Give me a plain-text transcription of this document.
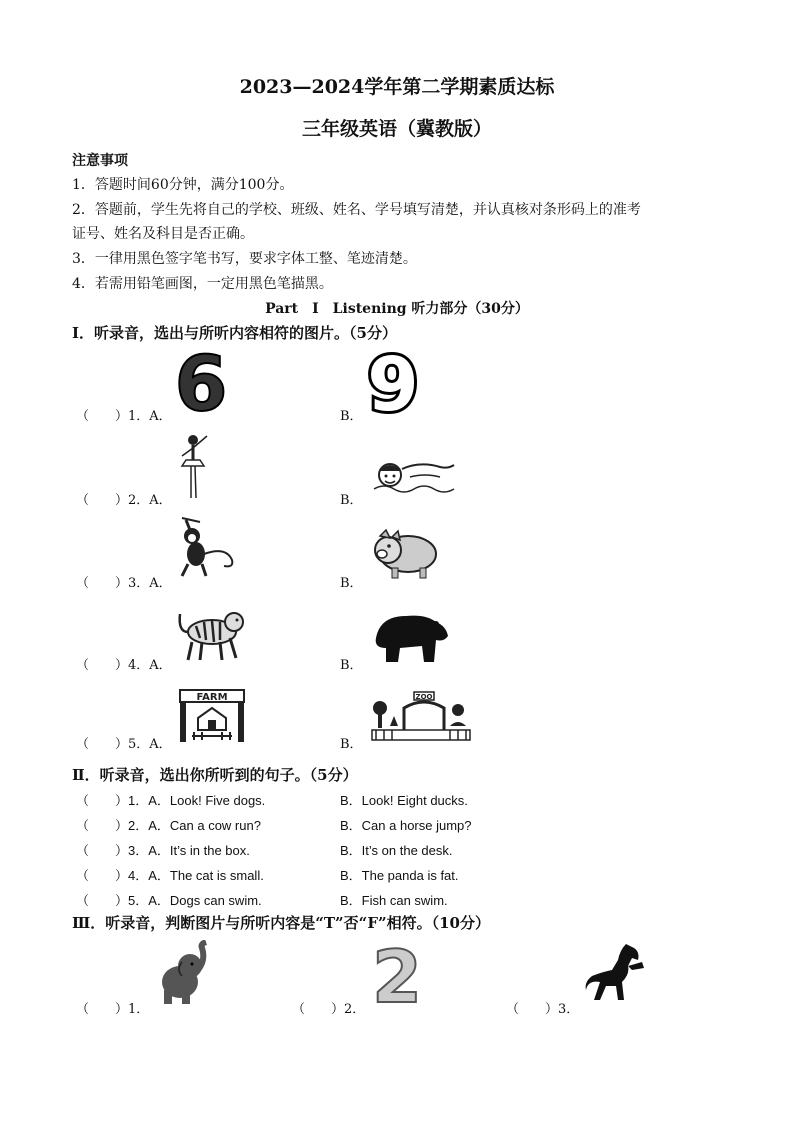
2023—2024学年第二学期素质达标
三年级英语（冀教版）
注意事项
1．答题时间60分钟，满分100分。
2．答题前，学生先将自己的学校、班级、姓名、学号填写清楚，并认真核对条形码上的准考
证号、姓名及科目是否正确。
3．一律用黑色签字笔书写，要求字体工整、笔迹清楚。
4．若需用铅笔画图，一定用黑色笔描黑。
Part　Ⅰ　Listening 听力部分（30分）
Ⅰ．听录音，选出与所听内容相符的图片。（5分）
（　　）1．A．	B．
6 9
（　　）2．A．	B．
（　　）3．A．	B．
（　　）4．A．	B．
（　　）5．A．	B．
FARM	ZOO
Ⅱ．听录音，选出你所听到的句子。（5分）
（　　）1．A．Look! Five dogs.	B．Look! Eight ducks.
（　　）2．A．Can a cow run?	B．Can a horse jump?
（　　）3．A．It’s in the box.	B．It’s on the desk.
（　　）4．A．The cat is small.	B．The panda is fat.
（　　）5．A．Dogs can swim.	B．Fish can swim.
Ⅲ．听录音，判断图片与所听内容是“T”否“F”相符。（10分）
（　　）1．	（　　）2． 2	（　　）3．
